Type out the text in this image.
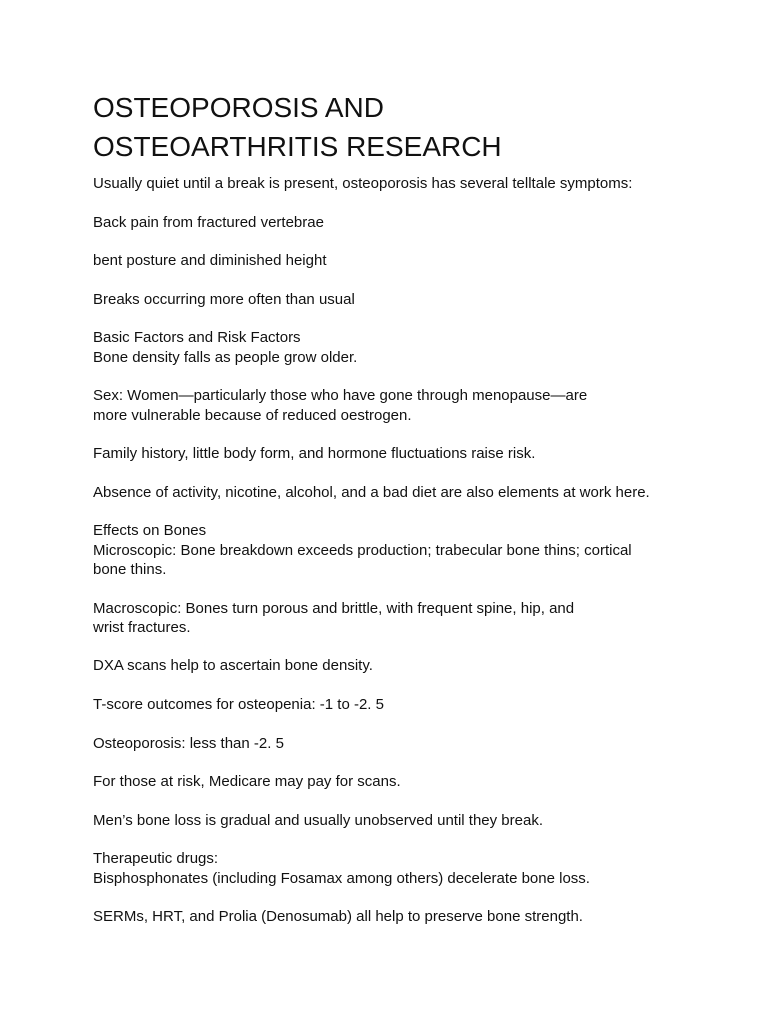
OSTEOPOROSIS AND
OSTEOARTHRITIS RESEARCH

Usually quiet until a break is present, osteoporosis has several telltale symptoms:

Back pain from fractured vertebrae

bent posture and diminished height

Breaks occurring more often than usual

Basic Factors and Risk Factors
Bone density falls as people grow older.

Sex: Women—particularly those who have gone through menopause—are
more vulnerable because of reduced oestrogen.

Family history, little body form, and hormone fluctuations raise risk.

Absence of activity, nicotine, alcohol, and a bad diet are also elements at work here.

Effects on Bones
Microscopic: Bone breakdown exceeds production; trabecular bone thins; cortical
bone thins.

Macroscopic: Bones turn porous and brittle, with frequent spine, hip, and
wrist fractures.

DXA scans help to ascertain bone density.

T-score outcomes for osteopenia: -1 to -2. 5

Osteoporosis: less than -2. 5

For those at risk, Medicare may pay for scans.

Men’s bone loss is gradual and usually unobserved until they break.

Therapeutic drugs:
Bisphosphonates (including Fosamax among others) decelerate bone loss.

SERMs, HRT, and Prolia (Denosumab) all help to preserve bone strength.
